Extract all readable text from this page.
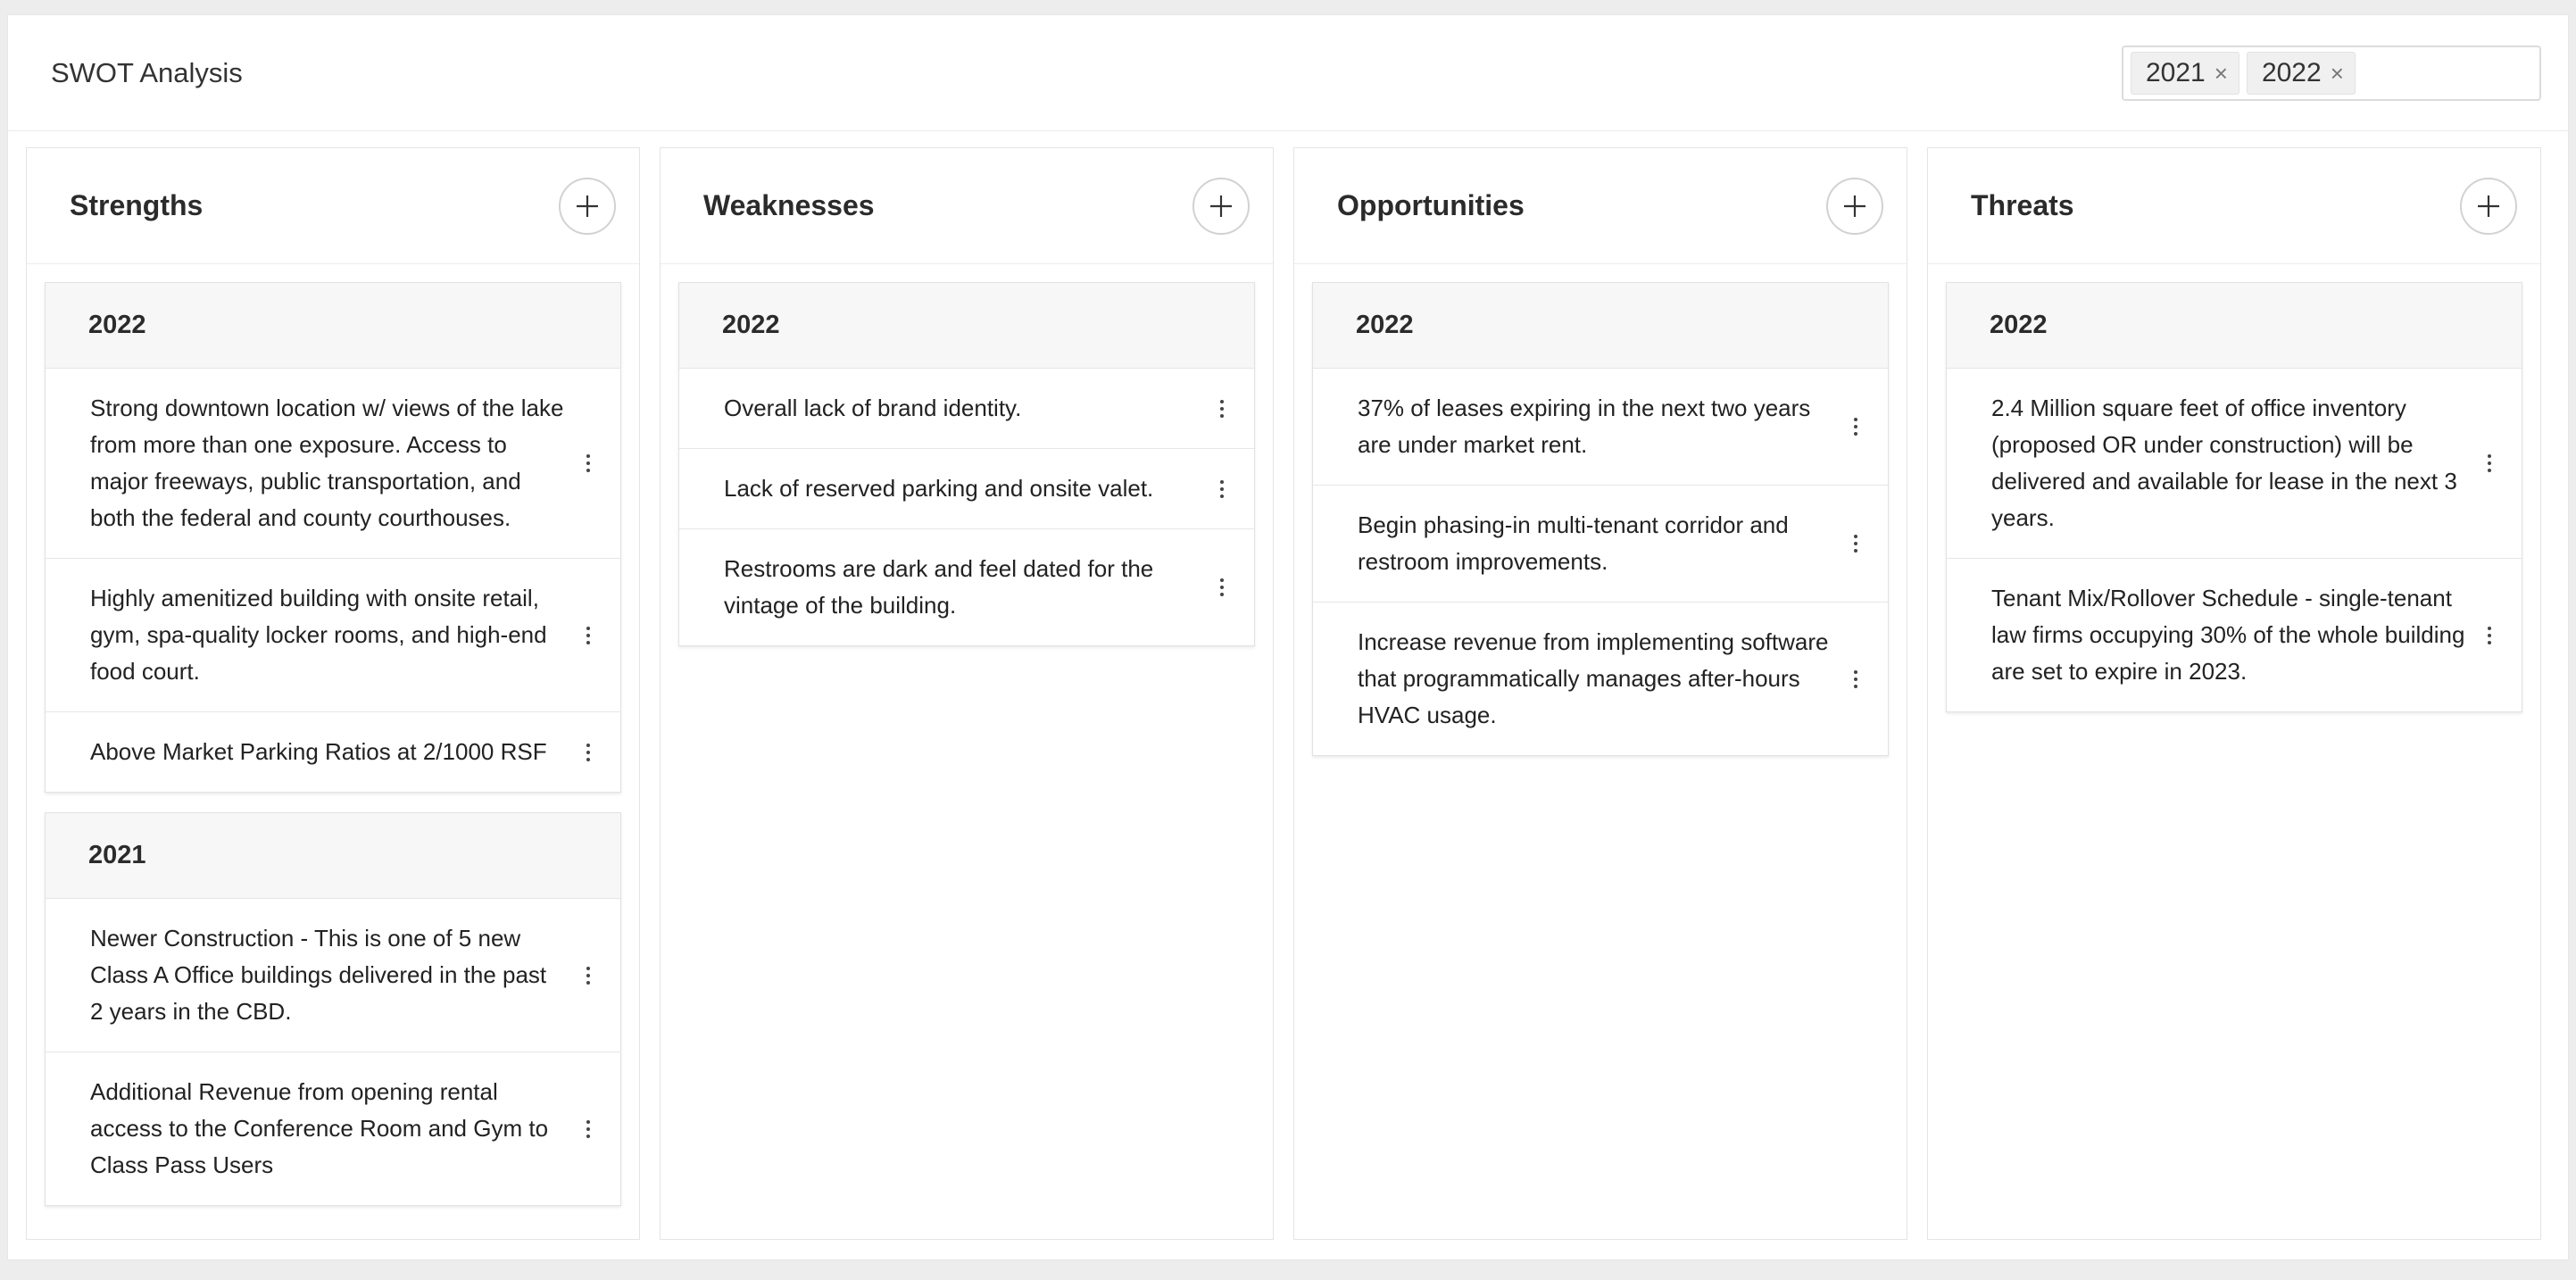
SWOT Analysis	2021 × 2022 ×
Strengths
2022
Strong downtown location w/ views of the lake from more than one exposure. Access to major freeways, public transportation, and both the federal and county courthouses.
Highly amenitized building with onsite retail, gym, spa-quality locker rooms, and high-end food court.
Above Market Parking Ratios at 2/1000 RSF
2021
Newer Construction - This is one of 5 new Class A Office buildings delivered in the past 2 years in the CBD.
Additional Revenue from opening rental access to the Conference Room and Gym to Class Pass Users
Weaknesses
2022
Overall lack of brand identity.
Lack of reserved parking and onsite valet.
Restrooms are dark and feel dated for the vintage of the building.
Opportunities
2022
37% of leases expiring in the next two years are under market rent.
Begin phasing-in multi-tenant corridor and restroom improvements.
Increase revenue from implementing software that programmatically manages after-hours HVAC usage.
Threats
2022
2.4 Million square feet of office inventory (proposed OR under construction) will be delivered and available for lease in the next 3 years.
Tenant Mix/Rollover Schedule - single-tenant law firms occupying 30% of the whole building are set to expire in 2023.
